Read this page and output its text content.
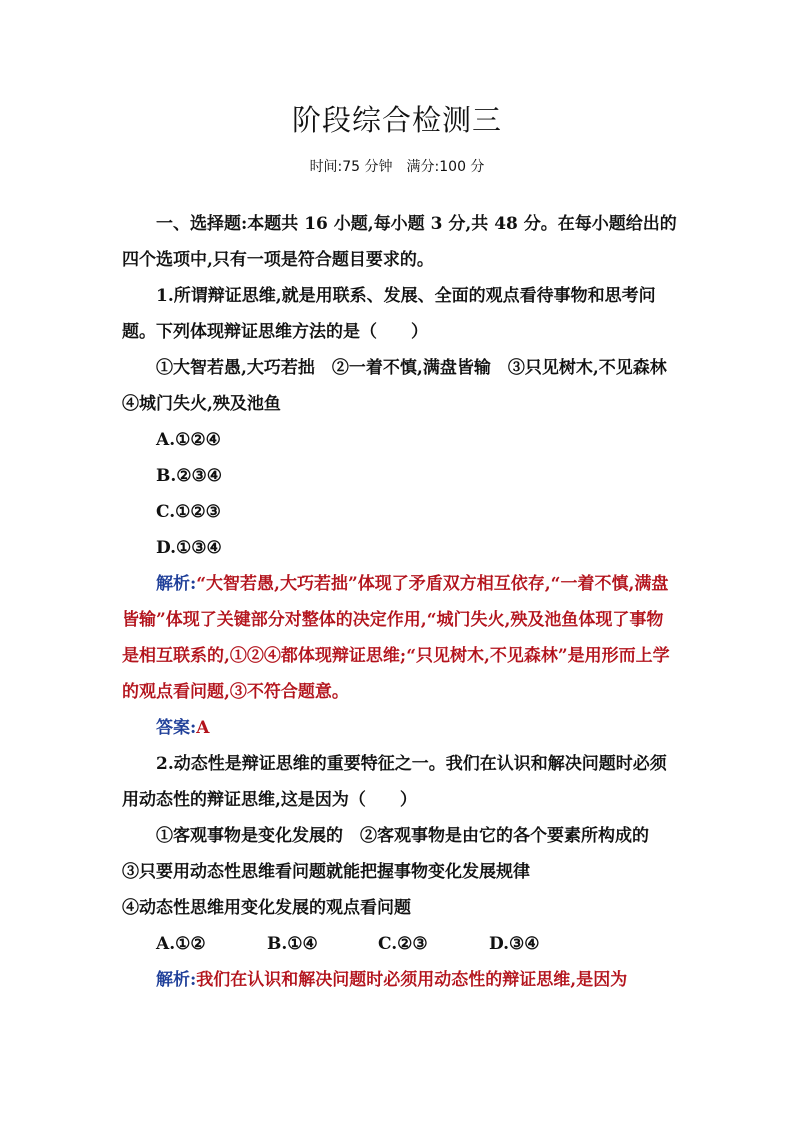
阶段综合检测三
时间:75 分钟　满分:100 分

一、选择题:本题共 16 小题,每小题 3 分,共 48 分。在每小题给出的四个选项中,只有一项是符合题目要求的。

1.所谓辩证思维,就是用联系、发展、全面的观点看待事物和思考问题。下列体现辩证思维方法的是（　　）

①大智若愚,大巧若拙　②一着不慎,满盘皆输　③只见树木,不见森林　④城门失火,殃及池鱼

A.①②④

B.②③④

C.①②③

D.①③④

解析:“大智若愚,大巧若拙”体现了矛盾双方相互依存,“一着不慎,满盘皆输”体现了关键部分对整体的决定作用,“城门失火,殃及池鱼体现了事物是相互联系的,①②④都体现辩证思维;“只见树木,不见森林”是用形而上学的观点看问题,③不符合题意。

答案:A

2.动态性是辩证思维的重要特征之一。我们在认识和解决问题时必须用动态性的辩证思维,这是因为（　　）

①客观事物是变化发展的　②客观事物是由它的各个要素所构成的　③只要用动态性思维看问题就能把握事物变化发展规律

④动态性思维用变化发展的观点看问题

A.①②	B.①④	C.②③	D.③④

解析:我们在认识和解决问题时必须用动态性的辩证思维,是因为
